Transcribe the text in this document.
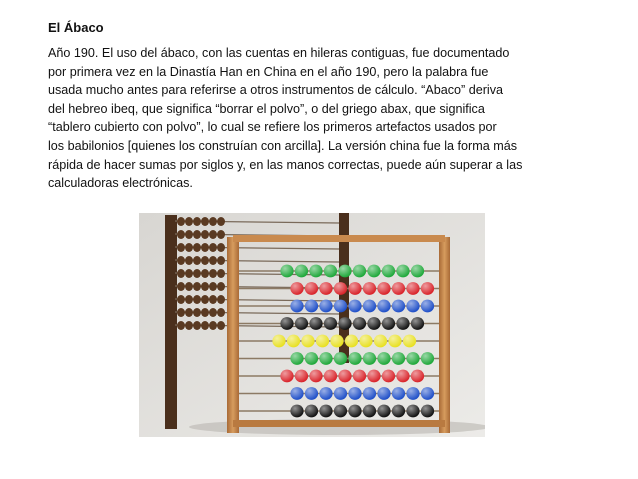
El Ábaco
Año 190. El uso del ábaco, con las cuentas en hileras contiguas, fue documentado
por primera vez en la Dinastía Han en China en el año 190, pero la palabra fue
usada mucho antes para referirse a otros instrumentos de cálculo. “Abaco” deriva
del hebreo ibeq, que significa “borrar el polvo”, o del griego abax, que significa
“tablero cubierto con polvo”, lo cual se refiere los primeros artefactos usados por
los babilonios [quienes los construían con arcilla]. La versión china fue la forma más
rápida de hacer sumas por siglos y, en las manos correctas, puede aún superar a las
calculadoras electrónicas.
